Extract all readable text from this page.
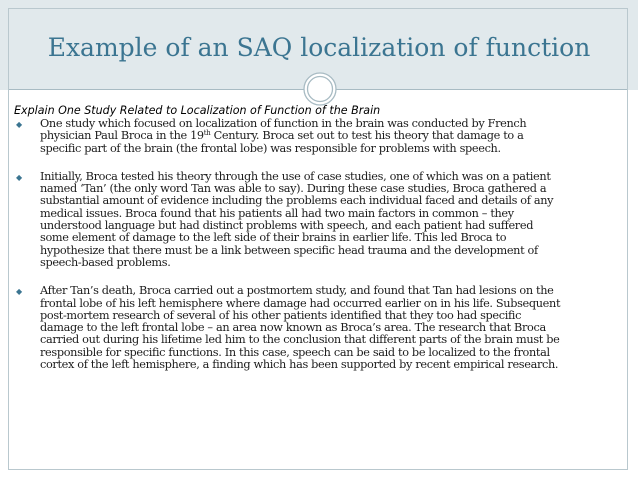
Example of an SAQ localization of function
Explain One Study Related to Localization of Function of the Brain
◆ One study which focused on localization of function in the brain was conducted by French
physician Paul Broca in the 19th Century. Broca set out to test his theory that damage to a
specific part of the brain (the frontal lobe) was responsible for problems with speech.
◆ Initially, Broca tested his theory through the use of case studies, one of which was on a patient
named ‘Tan’ (the only word Tan was able to say). During these case studies, Broca gathered a
substantial amount of evidence including the problems each individual faced and details of any
medical issues. Broca found that his patients all had two main factors in common – they
understood language but had distinct problems with speech, and each patient had suffered
some element of damage to the left side of their brains in earlier life. This led Broca to
hypothesize that there must be a link between specific head trauma and the development of
speech-based problems.
◆ After Tan’s death, Broca carried out a postmortem study, and found that Tan had lesions on the
frontal lobe of his left hemisphere where damage had occurred earlier on in his life. Subsequent
post-mortem research of several of his other patients identified that they too had specific
damage to the left frontal lobe – an area now known as Broca’s area. The research that Broca
carried out during his lifetime led him to the conclusion that different parts of the brain must be
responsible for specific functions. In this case, speech can be said to be localized to the frontal
cortex of the left hemisphere, a finding which has been supported by recent empirical research.
